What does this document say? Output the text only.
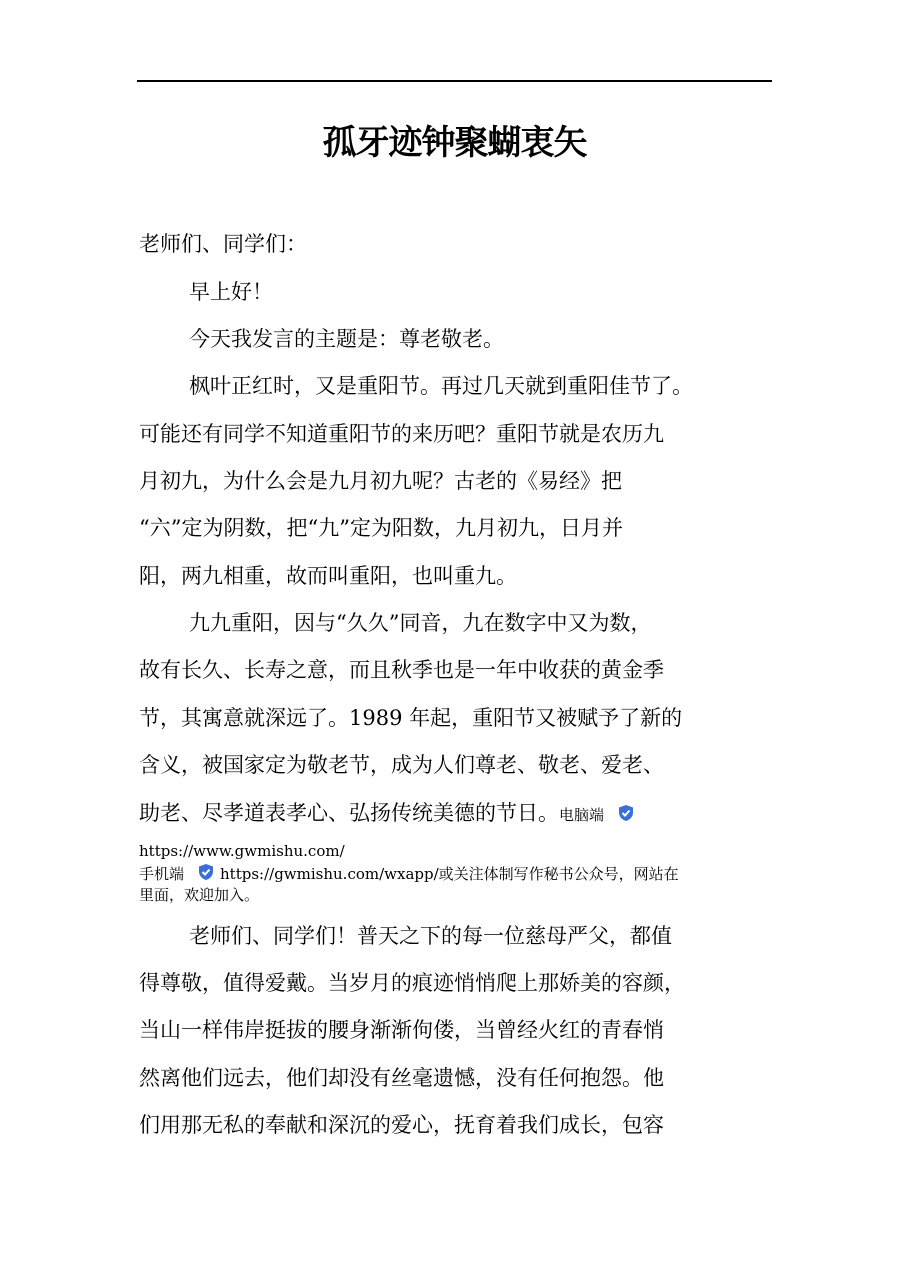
孤牙迹钟聚蝴衷矢
老师们、同学们：
早上好！
今天我发言的主题是：尊老敬老。
枫叶正红时，又是重阳节。再过几天就到重阳佳节了。
可能还有同学不知道重阳节的来历吧？重阳节就是农历九
月初九，为什么会是九月初九呢？古老的《易经》把
“六”定为阴数，把“九”定为阳数，九月初九，日月并
阳，两九相重，故而叫重阳，也叫重九。
九九重阳，因与“久久”同音，九在数字中又为数，
故有长久、长寿之意，而且秋季也是一年中收获的黄金季
节，其寓意就深远了。1989 年起，重阳节又被赋予了新的
含义，被国家定为敬老节，成为人们尊老、敬老、爱老、
助老、尽孝道表孝心、弘扬传统美德的节日。电脑端
https://www.gwmishu.com/
手机端 https://gwmishu.com/wxapp/或关注体制写作秘书公众号，网站在
里面，欢迎加入。
老师们、同学们！普天之下的每一位慈母严父，都值
得尊敬，值得爱戴。当岁月的痕迹悄悄爬上那娇美的容颜，
当山一样伟岸挺拔的腰身渐渐佝偻，当曾经火红的青春悄
然离他们远去，他们却没有丝毫遗憾，没有任何抱怨。他
们用那无私的奉献和深沉的爱心，抚育着我们成长，包容
